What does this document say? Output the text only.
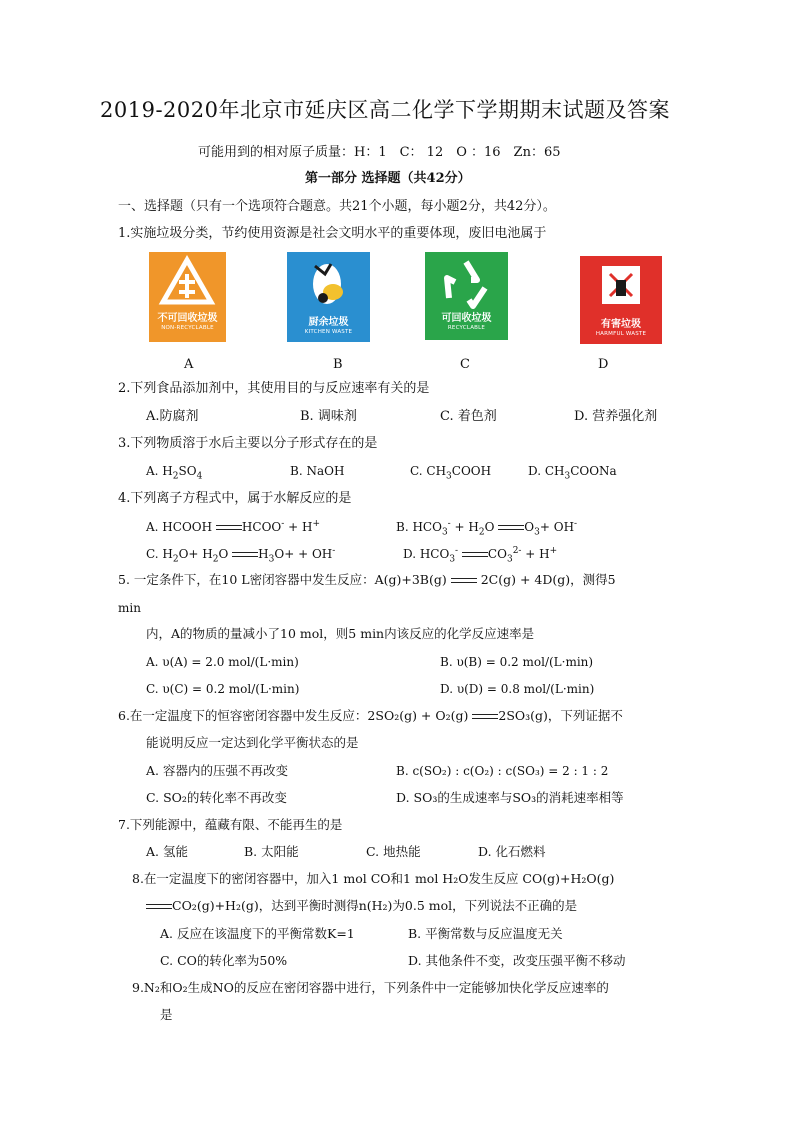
2019-2020年北京市延庆区高二化学下学期期末试题及答案
可能用到的相对原子质量：H：1　C： 12　O ：16　Zn：65
第一部分 选择题（共42分）
一、选择题（只有一个选项符合题意。共21个小题，每小题2分，共42分）。
1.实施垃圾分类，节约使用资源是社会文明水平的重要体现，废旧电池属于
不可回收垃圾
NON-RECYCLABLE	厨余垃圾
KITCHEN WASTE
可回收垃圾
RECYCLABLE	有害垃圾
HARMFUL WASTE
A	B	C	D
2.下列食品添加剂中，其使用目的与反应速率有关的是
A.防腐剂	B. 调味剂	C. 着色剂	D. 营养强化剂
3.下列物质溶于水后主要以分子形式存在的是
A. $H_2SO_4$	B. NaOH	C. $CH_3COOH$	D. $CH_3COONa$
4.下列离子方程式中，属于水解反应的是
A. HCOOH HCOO- + H+	B. $HCO_3^- + H_2O$ $O_3+ OH^-$
C. $H_2O+ H_2O$ $H_3O+ + OH^-$	D. $HCO_3^-$ $CO_3^{2-} + H^+$
5. 一定条件下，在10 L密闭容器中发生反应：A(g)+3B(g)	2C(g) + 4D(g)，测得5
min
内，A的物质的量减小了10 mol，则5 min内该反应的化学反应速率是
A. υ(A) = 2.0 mol/(L·min)	B. υ(B) = 0.2 mol/(L·min)
C. υ(C) = 0.2 mol/(L·min)	D. υ(D) = 0.8 mol/(L·min)
6.在一定温度下的恒容密闭容器中发生反应：2SO₂(g) + O₂(g) 2SO₃(g)，下列证据不
能说明反应一定达到化学平衡状态的是
A. 容器内的压强不再改变	B. c(SO₂) : c(O₂) : c(SO₃) = 2 : 1 : 2
C. SO₂的转化率不再改变	D. SO₃的生成速率与SO₃的消耗速率相等
7.下列能源中，蕴藏有限、不能再生的是
A. 氢能	B. 太阳能	C. 地热能	D. 化石燃料
8.在一定温度下的密闭容器中，加入1 mol CO和1 mol H₂O发生反应 CO(g)+H₂O(g)
CO₂(g)+H₂(g)，达到平衡时测得n(H₂)为0.5 mol，下列说法不正确的是
A. 反应在该温度下的平衡常数K=1	B. 平衡常数与反应温度无关
C. CO的转化率为50%	D. 其他条件不变，改变压强平衡不移动
9.N₂和O₂生成NO的反应在密闭容器中进行，下列条件中一定能够加快化学反应速率的
是
